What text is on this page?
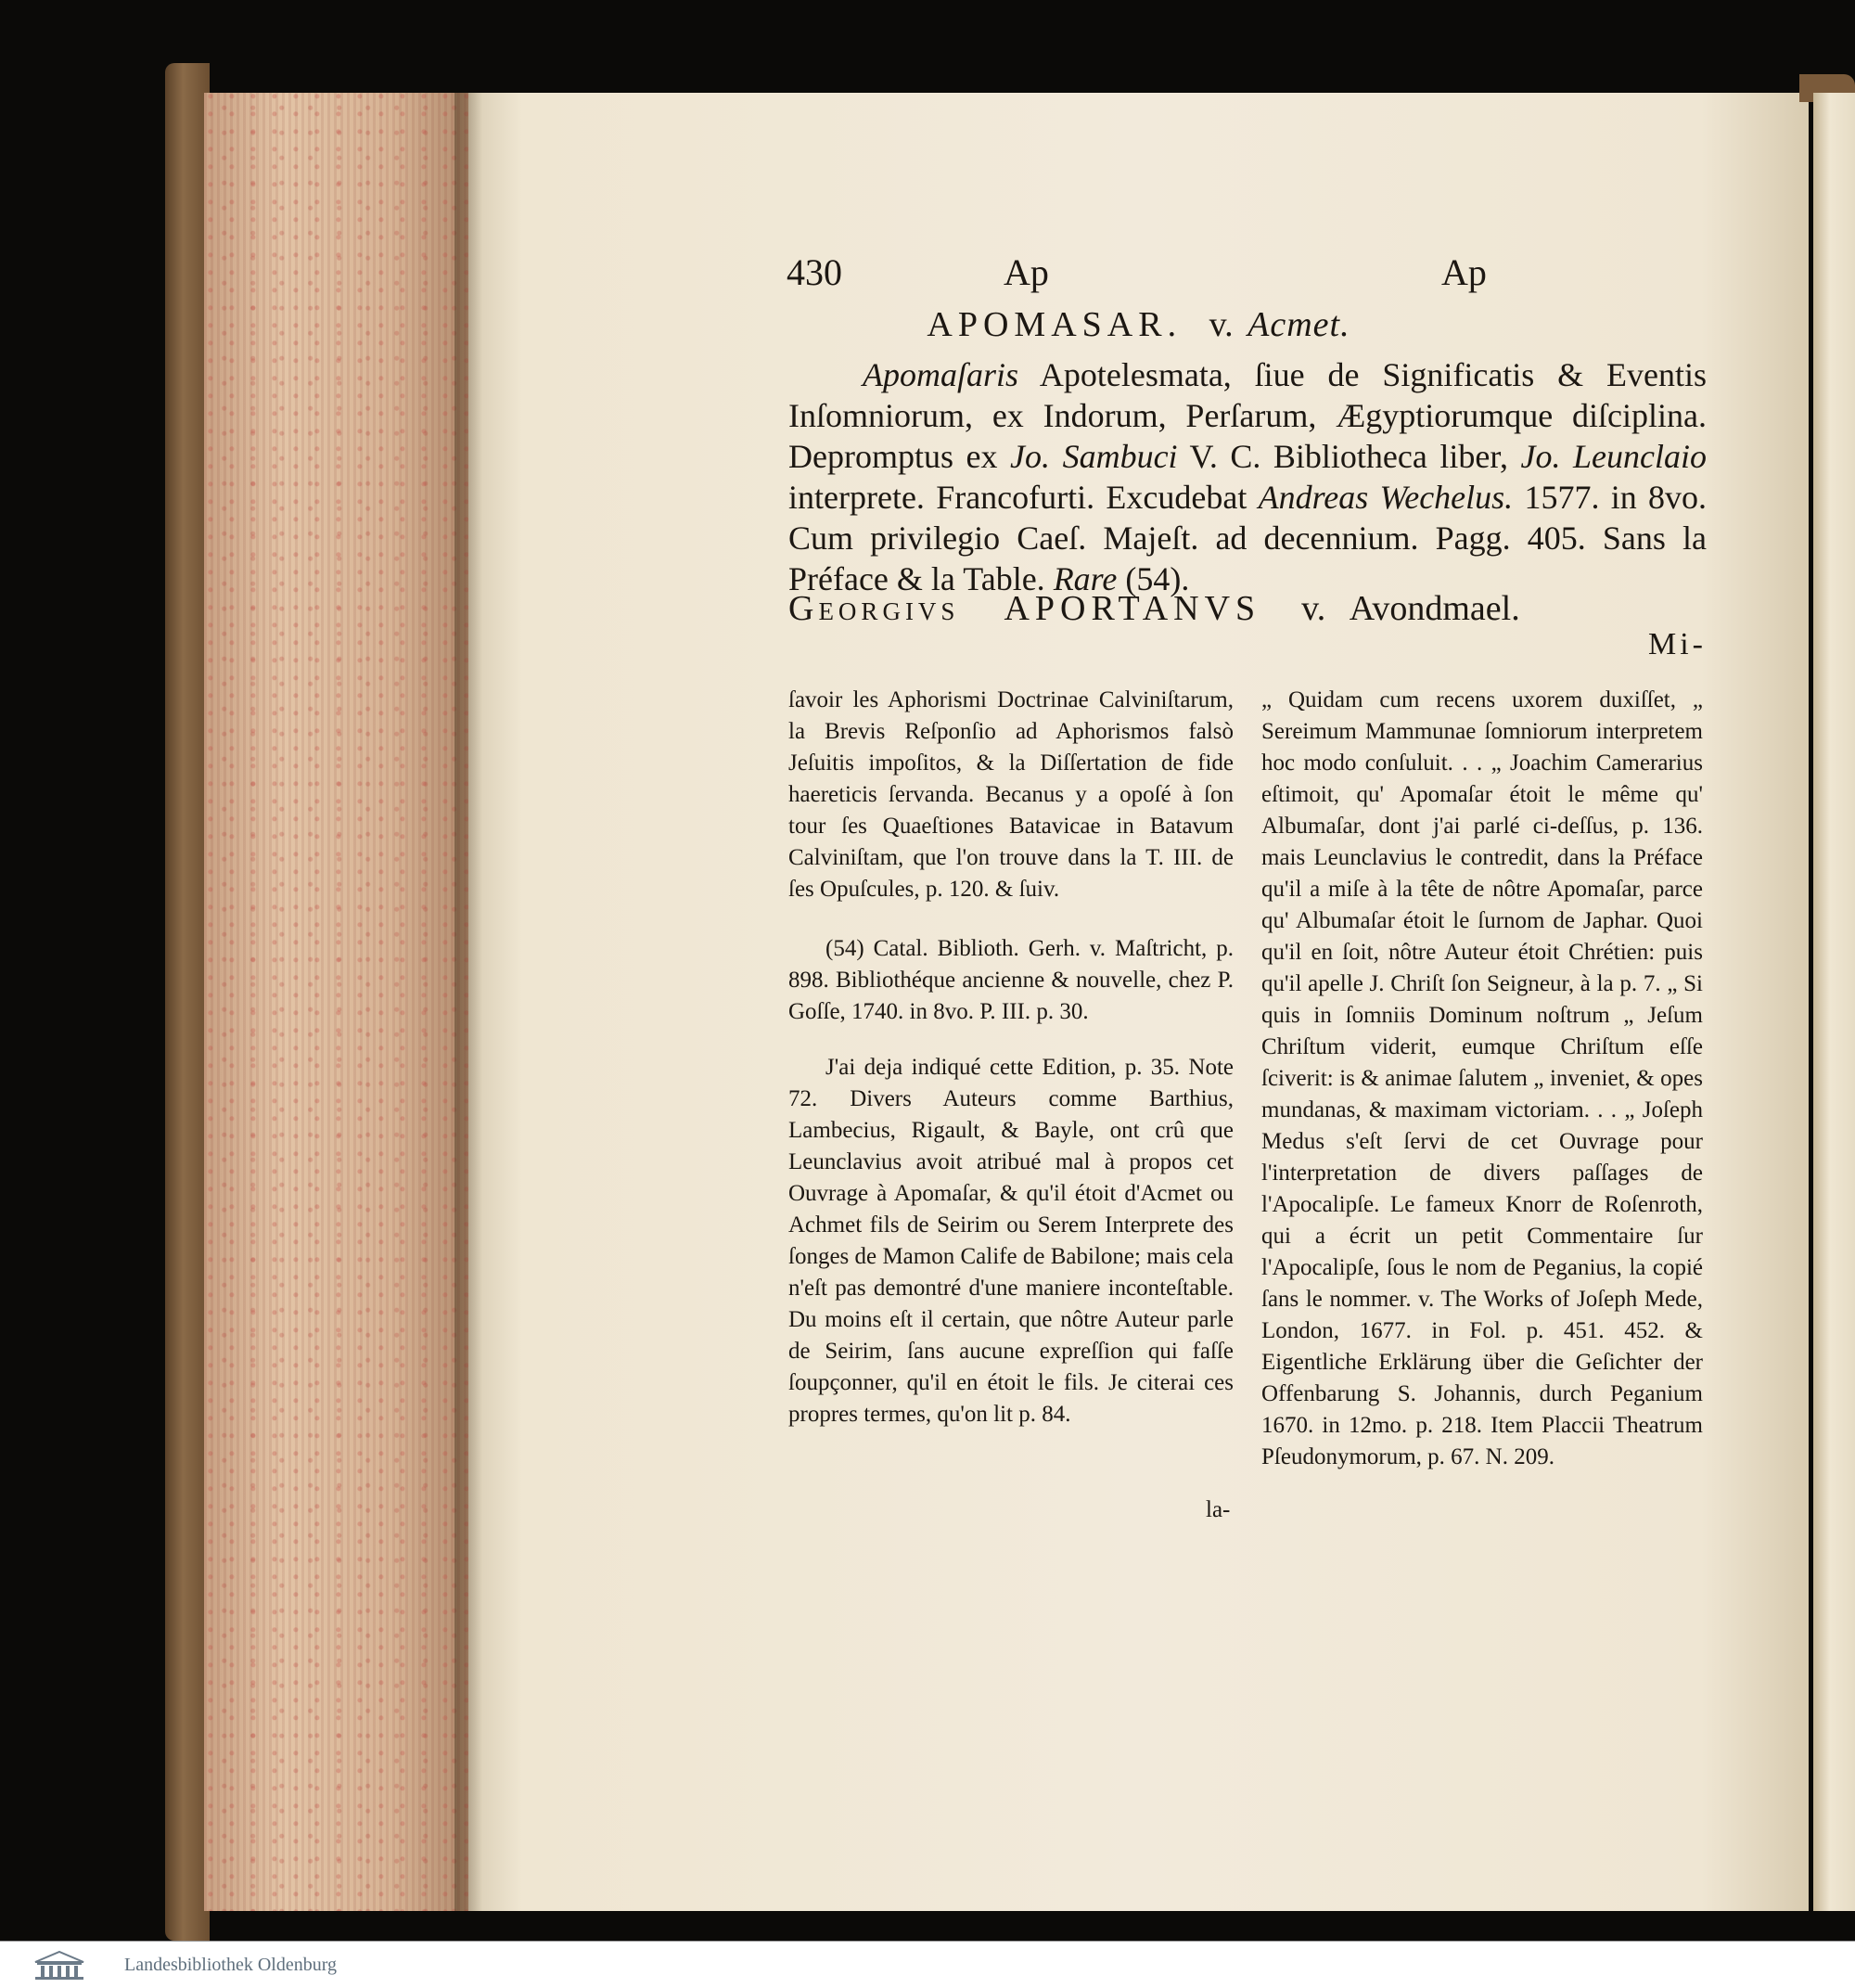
430	Ap	Ap
APOMASAR. v. Acmet.

Apomaſaris Apotelesmata, ſiue de Significatis & Eventis Inſomniorum, ex Indorum, Perſarum, Ægyptiorumque diſciplina. Depromptus ex Jo. Sambuci V. C. Bibliotheca liber, Jo. Leunclaio interprete. Francofurti. Excudebat Andreas Wechelus. 1577. in 8vo. Cum privilegio Caeſ. Majeſt. ad decennium. Pagg. 405. Sans la Préface & la Table. Rare (54).

Georgivs APORTANVS v. Avondmael.
Mi-

ſavoir les Aphorismi Doctrinae Calviniſtarum, la Brevis Reſponſio ad Aphorismos falsò Jeſuitis impoſitos, & la Diſſertation de fide haereticis ſervanda. Becanus y a opoſé à ſon tour ſes Quaeſtiones Batavicae in Batavum Calviniſtam, que l'on trouve dans la T. III. de ſes Opuſcules, p. 120. & ſuiv.

(54) Catal. Biblioth. Gerh. v. Maſtricht, p. 898. Bibliothéque ancienne & nouvelle, chez P. Goſſe, 1740. in 8vo. P. III. p. 30.

J'ai deja indiqué cette Edition, p. 35. Note 72. Divers Auteurs comme Barthius, Lambecius, Rigault, & Bayle, ont crû que Leunclavius avoit atribué mal à propos cet Ouvrage à Apomaſar, & qu'il étoit d'Acmet ou Achmet fils de Seirim ou Serem Interprete des ſonges de Mamon Calife de Babilone; mais cela n'eſt pas demontré d'une maniere inconteſtable. Du moins eſt il certain, que nôtre Auteur parle de Seirim, ſans aucune expreſſion qui faſſe ſoupçonner, qu'il en étoit le fils. Je citerai ces propres termes, qu'on lit p. 84.

„ Quidam cum recens uxorem duxiſſet, „ Sereimum Mammunae ſomniorum interpretem hoc modo conſuluit. . . „ Joachim Camerarius eſtimoit, qu' Apomaſar étoit le même qu' Albumaſar, dont j'ai parlé ci-deſſus, p. 136. mais Leunclavius le contredit, dans la Préface qu'il a miſe à la tête de nôtre Apomaſar, parce qu' Albumaſar étoit le ſurnom de Japhar. Quoi qu'il en ſoit, nôtre Auteur étoit Chrétien: puis qu'il apelle J. Chriſt ſon Seigneur, à la p. 7. „ Si quis in ſomniis Dominum noſtrum „ Jeſum Chriſtum viderit, eumque Chriſtum eſſe ſciverit: is & animae ſalutem „ inveniet, & opes mundanas, & maximam victoriam. . . „ Joſeph Medus s'eſt ſervi de cet Ouvrage pour l'interpretation de divers paſſages de l'Apocalipſe. Le fameux Knorr de Roſenroth, qui a écrit un petit Commentaire ſur l'Apocalipſe, ſous le nom de Peganius, la copié ſans le nommer. v. The Works of Joſeph Mede, London, 1677. in Fol. p. 451. 452. & Eigentliche Erklärung über die Geſichter der Offenbarung S. Johannis, durch Peganium 1670. in 12mo. p. 218. Item Placcii Theatrum Pſeudonymorum, p. 67. N. 209.

la-
Landesbibliothek Oldenburg
